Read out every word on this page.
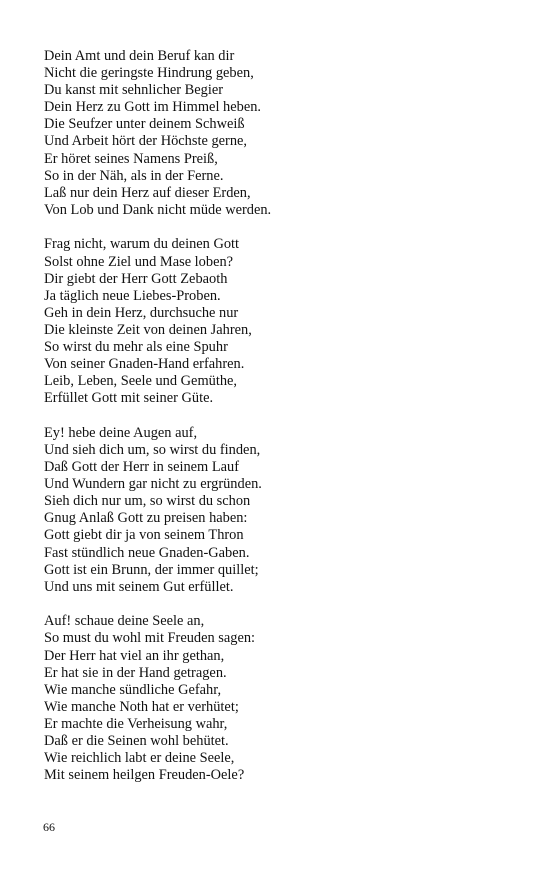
Dein Amt und dein Beruf kan dir
Nicht die geringste Hindrung geben,
Du kanst mit sehnlicher Begier
Dein Herz zu Gott im Himmel heben.
Die Seufzer unter deinem Schweiß
Und Arbeit hört der Höchste gerne,
Er höret seines Namens Preiß,
So in der Näh, als in der Ferne.
Laß nur dein Herz auf dieser Erden,
Von Lob und Dank nicht müde werden.
Frag nicht, warum du deinen Gott
Solst ohne Ziel und Mase loben?
Dir giebt der Herr Gott Zebaoth
Ja täglich neue Liebes-Proben.
Geh in dein Herz, durchsuche nur
Die kleinste Zeit von deinen Jahren,
So wirst du mehr als eine Spuhr
Von seiner Gnaden-Hand erfahren.
Leib, Leben, Seele und Gemüthe,
Erfüllet Gott mit seiner Güte.
Ey! hebe deine Augen auf,
Und sieh dich um, so wirst du finden,
Daß Gott der Herr in seinem Lauf
Und Wundern gar nicht zu ergründen.
Sieh dich nur um, so wirst du schon
Gnug Anlaß Gott zu preisen haben:
Gott giebt dir ja von seinem Thron
Fast stündlich neue Gnaden-Gaben.
Gott ist ein Brunn, der immer quillet;
Und uns mit seinem Gut erfüllet.
Auf! schaue deine Seele an,
So must du wohl mit Freuden sagen:
Der Herr hat viel an ihr gethan,
Er hat sie in der Hand getragen.
Wie manche sündliche Gefahr,
Wie manche Noth hat er verhütet;
Er machte die Verheisung wahr,
Daß er die Seinen wohl behütet.
Wie reichlich labt er deine Seele,
Mit seinem heilgen Freuden-Oele?
66
